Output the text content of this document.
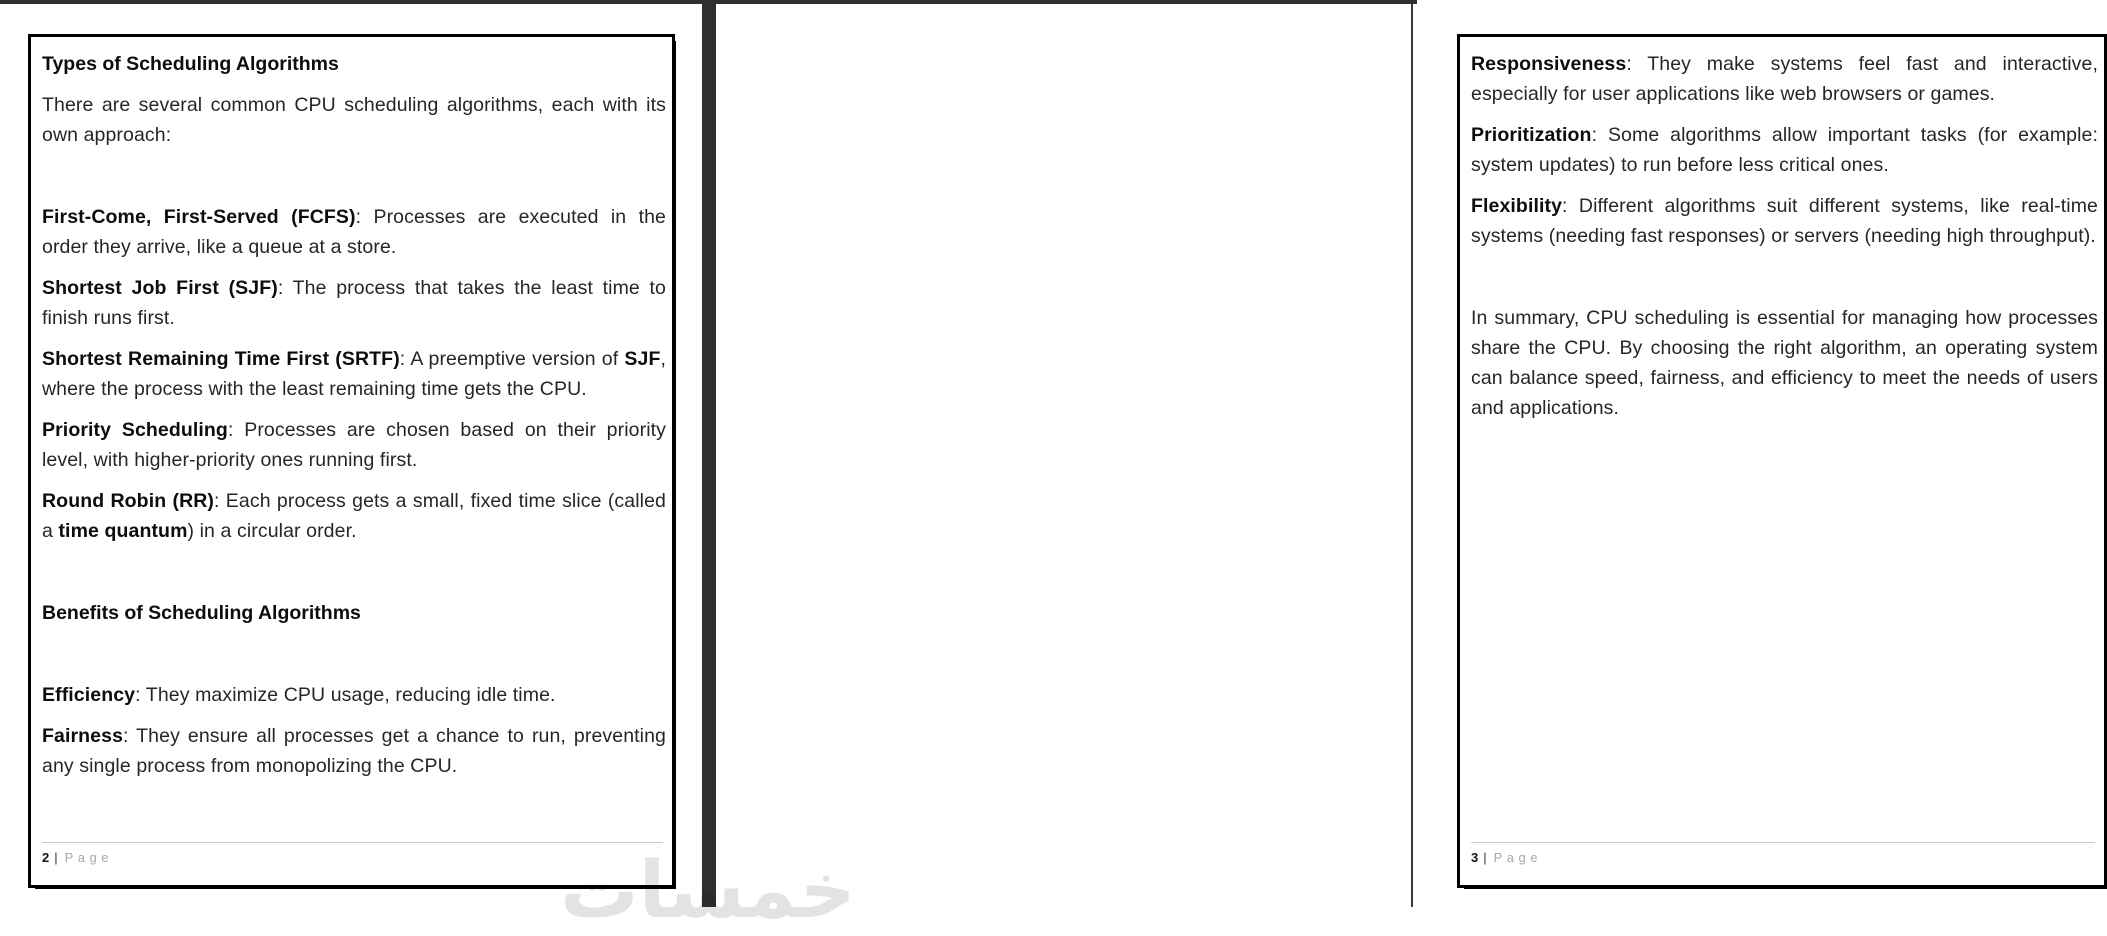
Types of Scheduling Algorithms

There are several common CPU scheduling algorithms, each with its own approach:

First-Come, First-Served (FCFS): Processes are executed in the order they arrive, like a queue at a store.

Shortest Job First (SJF): The process that takes the least time to finish runs first.

Shortest Remaining Time First (SRTF): A preemptive version of SJF, where the process with the least remaining time gets the CPU.

Priority Scheduling: Processes are chosen based on their priority level, with higher-priority ones running first.

Round Robin (RR): Each process gets a small, fixed time slice (called a time quantum) in a circular order.

Benefits of Scheduling Algorithms

Efficiency: They maximize CPU usage, reducing idle time.

Fairness: They ensure all processes get a chance to run, preventing any single process from monopolizing the CPU.

2 | Page

Responsiveness: They make systems feel fast and interactive, especially for user applications like web browsers or games.

Prioritization: Some algorithms allow important tasks (for example: system updates) to run before less critical ones.

Flexibility: Different algorithms suit different systems, like real-time systems (needing fast responses) or servers (needing high throughput).

In summary, CPU scheduling is essential for managing how processes share the CPU. By choosing the right algorithm, an operating system can balance speed, fairness, and efficiency to meet the needs of users and applications.

3 | Page
خمسات
